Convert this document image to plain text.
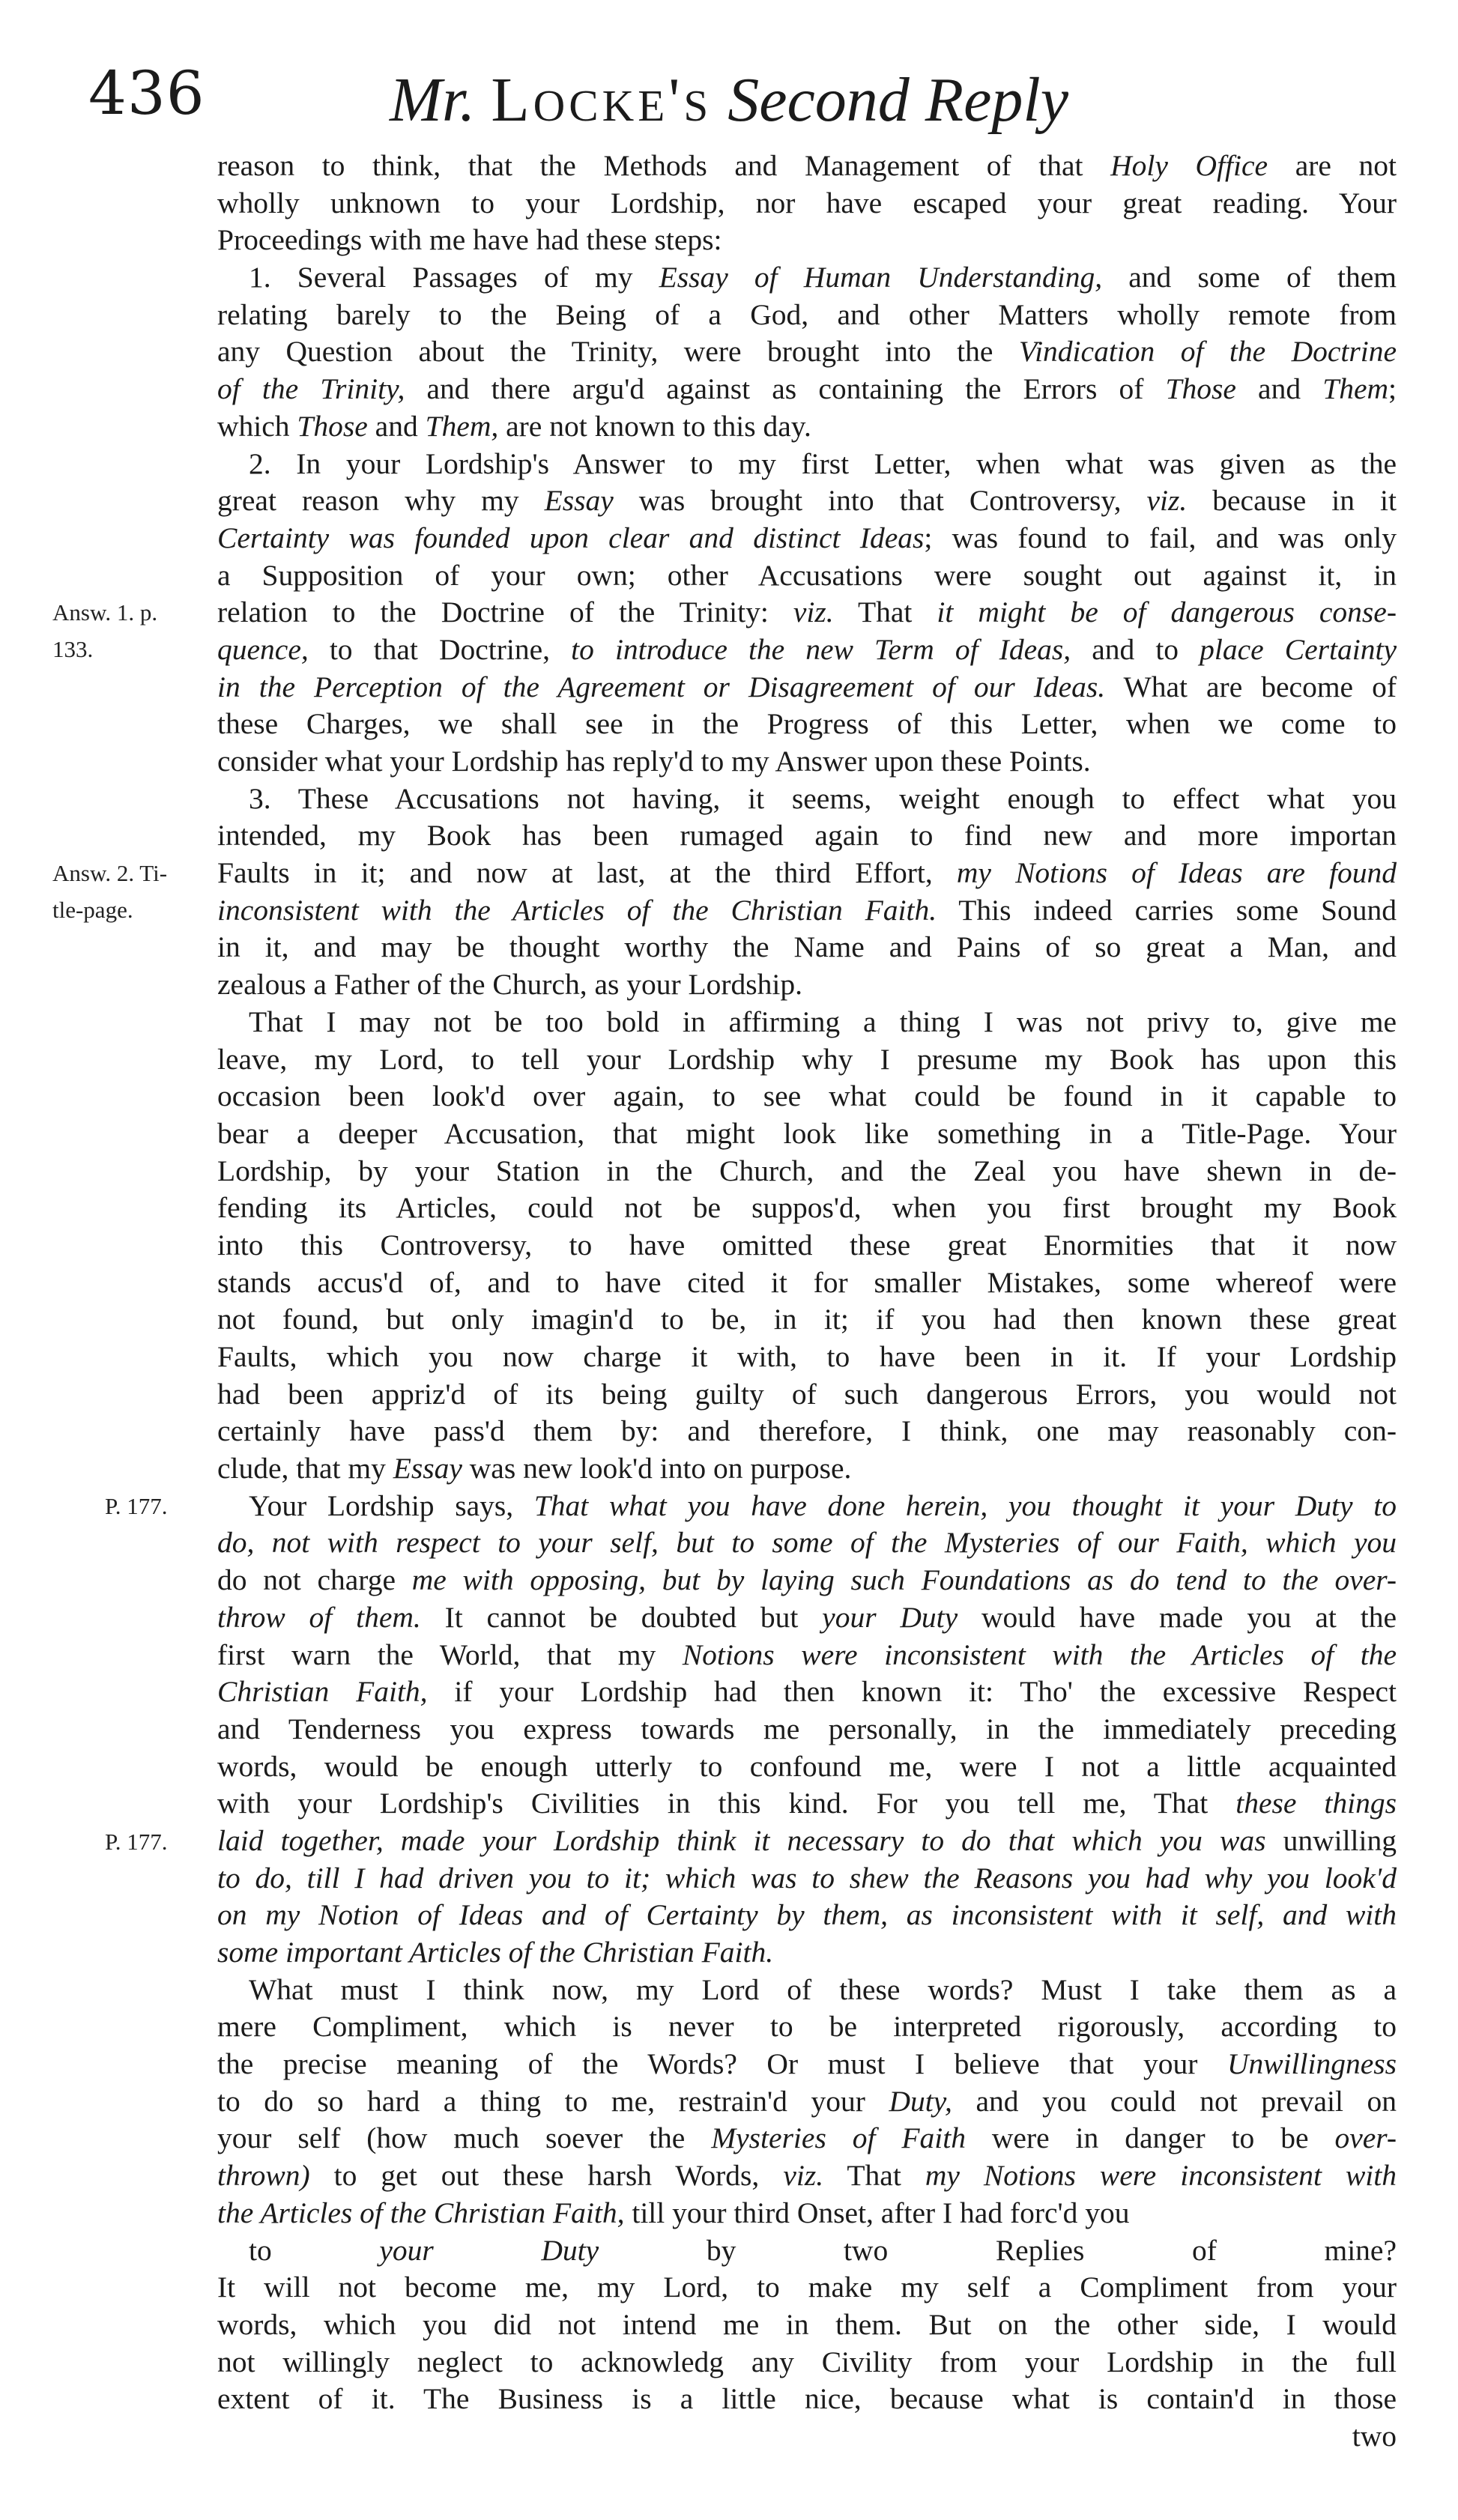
436	Mr. Locke's Second Reply
Answ. 1. p.
133.
Answ. 2. Ti-
tle-page.
P. 177.
P. 177.
reason to think, that the Methods and Management of that Holy Office are not
wholly unknown to your Lordship, nor have escaped your great reading. Your
Proceedings with me have had these steps:
1. Several Passages of my Essay of Human Understanding, and some of them
relating barely to the Being of a God, and other Matters wholly remote from
any Question about the Trinity, were brought into the Vindication of the Doctrine
of the Trinity, and there argu'd against as containing the Errors of Those and Them;
which Those and Them, are not known to this day.
2. In your Lordship's Answer to my first Letter, when what was given as the
great reason why my Essay was brought into that Controversy, viz. because in it
Certainty was founded upon clear and distinct Ideas; was found to fail, and was only
a Supposition of your own; other Accusations were sought out against it, in
relation to the Doctrine of the Trinity: viz. That it might be of dangerous conse-
quence, to that Doctrine, to introduce the new Term of Ideas, and to place Certainty
in the Perception of the Agreement or Disagreement of our Ideas. What are become of
these Charges, we shall see in the Progress of this Letter, when we come to
consider what your Lordship has reply'd to my Answer upon these Points.
3. These Accusations not having, it seems, weight enough to effect what you
intended, my Book has been rumaged again to find new and more importan
Faults in it; and now at last, at the third Effort, my Notions of Ideas are found
inconsistent with the Articles of the Christian Faith. This indeed carries some Sound
in it, and may be thought worthy the Name and Pains of so great a Man, and
zealous a Father of the Church, as your Lordship.
That I may not be too bold in affirming a thing I was not privy to, give me
leave, my Lord, to tell your Lordship why I presume my Book has upon this
occasion been look'd over again, to see what could be found in it capable to
bear a deeper Accusation, that might look like something in a Title-Page. Your
Lordship, by your Station in the Church, and the Zeal you have shewn in de-
fending its Articles, could not be suppos'd, when you first brought my Book
into this Controversy, to have omitted these great Enormities that it now
stands accus'd of, and to have cited it for smaller Mistakes, some whereof were
not found, but only imagin'd to be, in it; if you had then known these great
Faults, which you now charge it with, to have been in it. If your Lordship
had been appriz'd of its being guilty of such dangerous Errors, you would not
certainly have pass'd them by: and therefore, I think, one may reasonably con-
clude, that my Essay was new look'd into on purpose.
Your Lordship says, That what you have done herein, you thought it your Duty to
do, not with respect to your self, but to some of the Mysteries of our Faith, which you
do not charge me with opposing, but by laying such Foundations as do tend to the over-
throw of them. It cannot be doubted but your Duty would have made you at the
first warn the World, that my Notions were inconsistent with the Articles of the
Christian Faith, if your Lordship had then known it: Tho' the excessive Respect
and Tenderness you express towards me personally, in the immediately preceding
words, would be enough utterly to confound me, were I not a little acquainted
with your Lordship's Civilities in this kind. For you tell me, That these things
laid together, made your Lordship think it necessary to do that which you was unwilling
to do, till I had driven you to it; which was to shew the Reasons you had why you look'd
on my Notion of Ideas and of Certainty by them, as inconsistent with it self, and with
some important Articles of the Christian Faith.
What must I think now, my Lord of these words? Must I take them as a
mere Compliment, which is never to be interpreted rigorously, according to
the precise meaning of the Words? Or must I believe that your Unwillingness
to do so hard a thing to me, restrain'd your Duty, and you could not prevail on
your self (how much soever the Mysteries of Faith were in danger to be over-
thrown) to get out these harsh Words, viz. That my Notions were inconsistent with
the Articles of the Christian Faith, till your third Onset, after I had forc'd you
to your Duty by two Replies of mine?
It will not become me, my Lord, to make my self a Compliment from your
words, which you did not intend me in them. But on the other side, I would
not willingly neglect to acknowledg any Civility from your Lordship in the full
extent of it. The Business is a little nice, because what is contain'd in those
two
